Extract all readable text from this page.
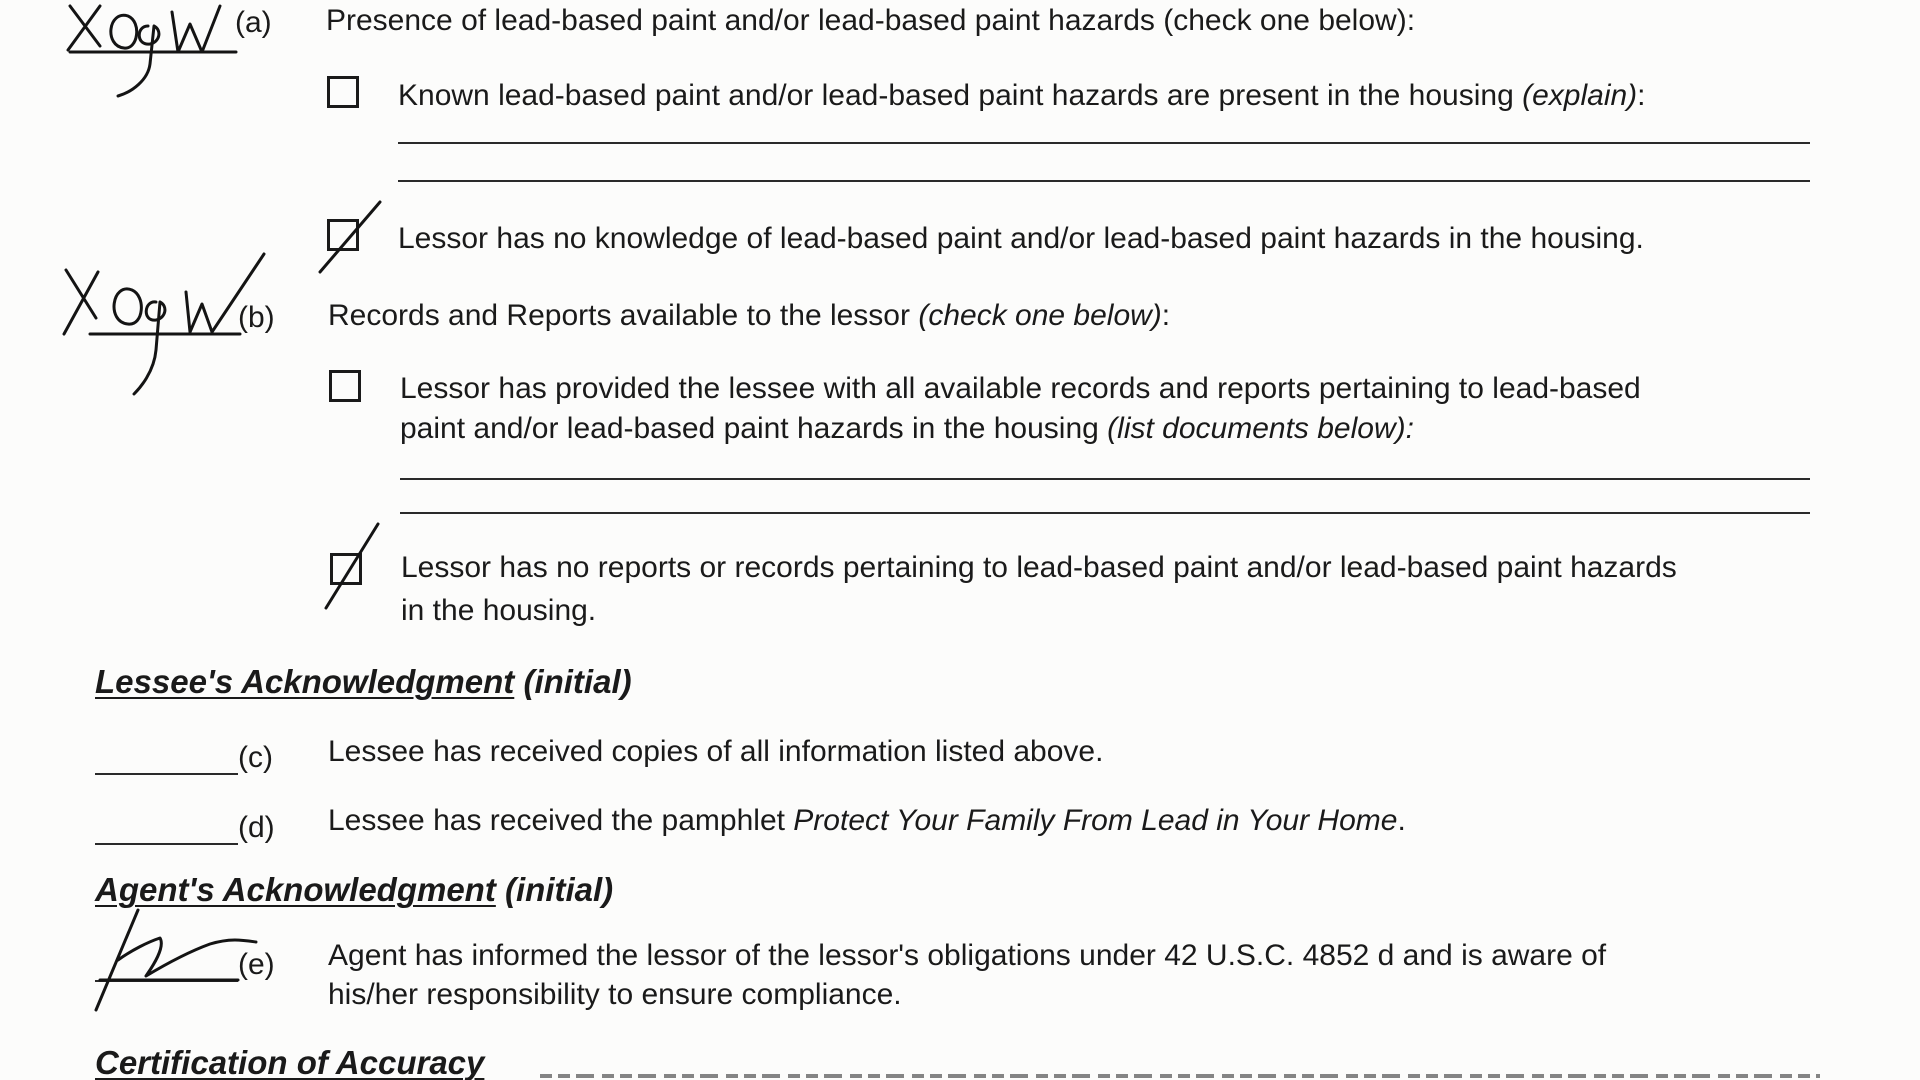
(a) Presence of lead-based paint and/or lead-based paint hazards (check one below):
Known lead-based paint and/or lead-based paint hazards are present in the housing (explain):
Lessor has no knowledge of lead-based paint and/or lead-based paint hazards in the housing.
(b) Records and Reports available to the lessor (check one below):
Lessor has provided the lessee with all available records and reports pertaining to lead-based
paint and/or lead-based paint hazards in the housing (list documents below):
Lessor has no reports or records pertaining to lead-based paint and/or lead-based paint hazards
in the housing.
Lessee's Acknowledgment (initial)
(c) Lessee has received copies of all information listed above.
(d) Lessee has received the pamphlet Protect Your Family From Lead in Your Home.
Agent's Acknowledgment (initial)
(e) Agent has informed the lessor of the lessor's obligations under 42 U.S.C. 4852 d and is aware of
his/her responsibility to ensure compliance.
Certification of Accuracy
